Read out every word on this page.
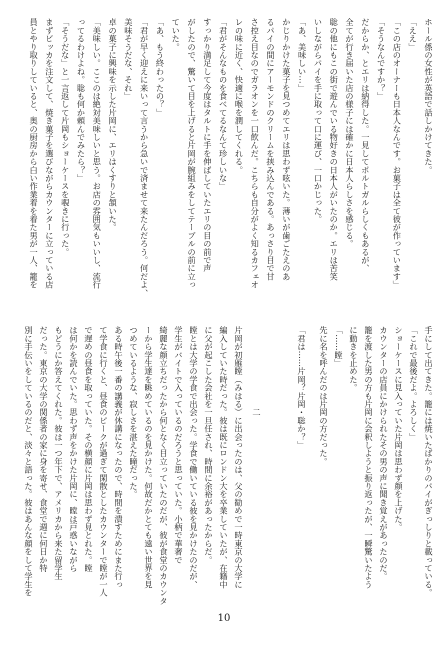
ホール係の女性が英語で話しかけてきた。
「ええ」
「この店のオーナーも日本人なんです。お菓子は全て彼が作っています」
「そうなんですか？」
だからか、とエリは納得した。一見してポルトガルらしくもあるが、
全てが行き届いた店の様子には確かに日本人らしさを感じる。
聡の他にもこの街で遊んでいる物好きの日本人がいたのか。エリは苦笑
いしながらパイを手に取って口に運び、一口かじった。
「あ、美味しい…」
かじりかけた菓子を見つめてエリは思わず呟いた。薄いが歯ごたえのあ
るパイの間にアーモンドのクリームを挟み込んである。あっさり目で甘
さ控え目なのでガラオンを一口飲んだ。こちらも自分がよく知るカフェオ
レの味に近く、快適に喉を潤してくれる。
「君がそんなものを食べてるなんて珍しいな」
すっかり満足して今度はタルトに手を伸ばしていたエリの目の前で声
がしたので、驚いて目を上げると片岡が腕組みをしてテーブルの前に立っ
ていた。
「あ、もう終わったの？」
「君が早く迎えに来いって言うから急いで済ませて来たんだろう。何だよ、
美味そうだな、それ」
卓の菓子に興味を示した片岡に、エリはくすりと頷いた。
「美味しい。ここのは絶対美味しいと思う。お店の雰囲気もいいし、流行
ってるわけよね。聡も何か頼んでみたら？」
「そうだな」と一言返して片岡もショーケースを覗きに行った。
まずビッカを注文して、焼き菓子を選びながらカウンターに立っている店
員とやり取りしていると、奥の厨房から白い作業着を着た男が一人、籠を
手にして出てきた。籠には焼いたばかりのパイがぎっしりと載っている。
「これで最後だよ。よろしく」
ショーケースに見入っていた片岡は思わず顔を上げた。
カウンターの店員にかけられたその男の声に聞き覚えがあったのだ。
籠を渡した男の方も片岡に会釈しようと振り返ったが、一瞬驚いたよう
に動きを止めた。
「……瞠」
先に名を呼んだのは片岡の方だった。
「君は……片岡？片岡・聡か？」
二
片岡が初雁瞠（みはる）に出会ったのは、父の勧めで一時東京の大学に
編入していた時だった。彼は既にロンドン大を卒業していたが、在籍中
に父が起こした会社を一旦任され、時間に余裕があったからだ。
瞠とは大学の学食で出会った。学食で働いている彼を見かけたのだが、
学生がバイトで入っているのだろうと思っていた。小柄で華奢で
綺麗な顔立ちだったから何となく目立っていたのだが、彼が食堂のカウンタ
ーから学生達を眺めているのを見かけた。何故だかとても遠い世界を見
つめているような、寂しさを湛えた瞳だった。
ある時午後一番の講義が休講になったので、時間を潰すためにまた行っ
て学食に行くと、昼食のピークが過ぎて閑散としたカウンターで瞠が一人
で遅めの昼食を取っていた。その横顔に片岡は思わず見とれた。瞠
は何かを読んでいた。思わず声をかけた片岡に、瞠は戸惑いながら
もどうにか答えてくれた。彼は一つ年下で、アメリカから来た留学生
だった。東京の大学の関係者の家に身を寄せ、食堂で週に何日か特
別に手伝いをしているのだと、淡々と語った。彼はあんな顔をして学生を
10
